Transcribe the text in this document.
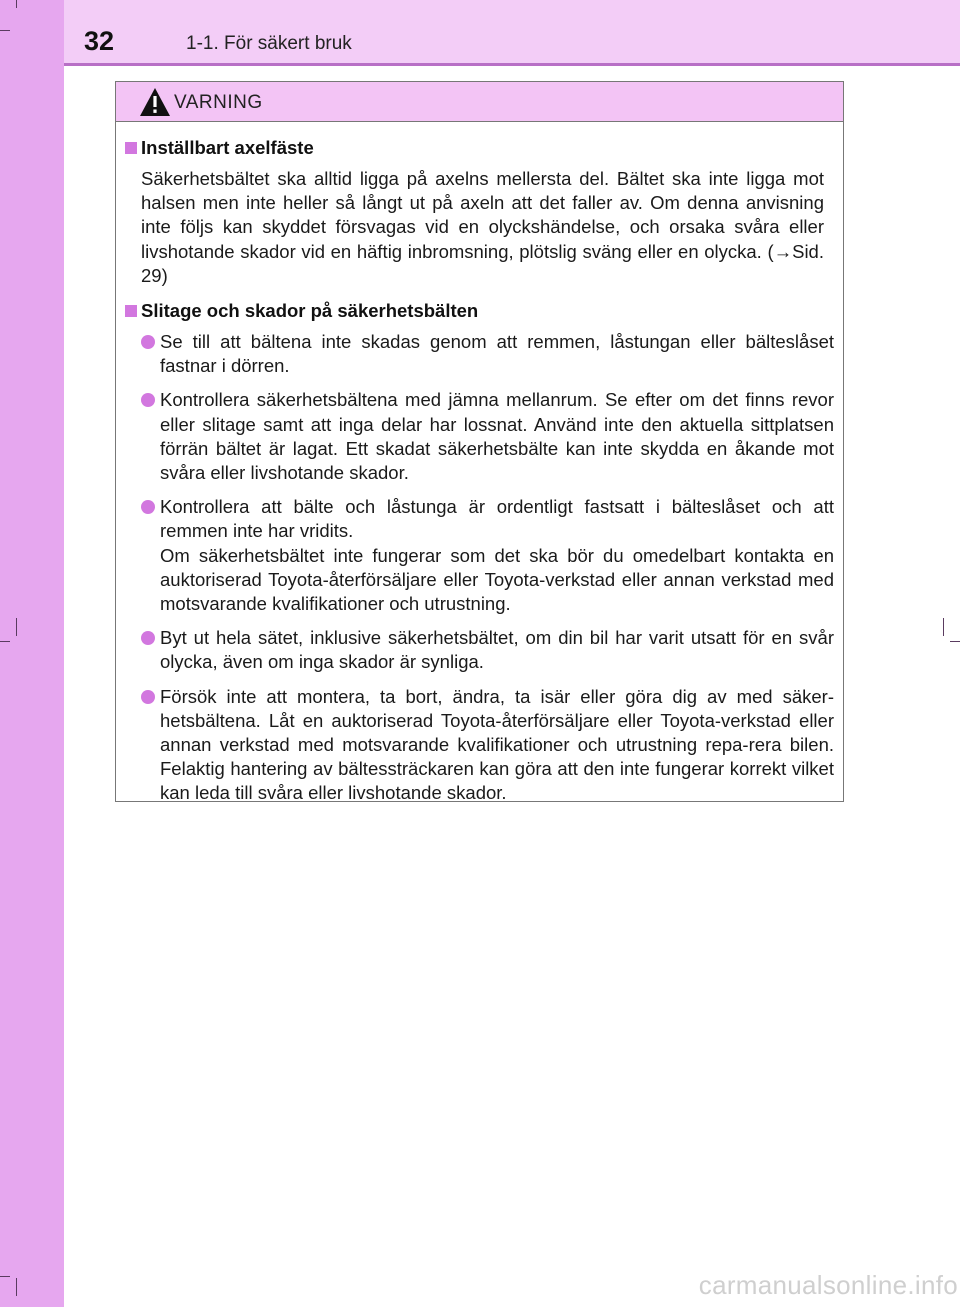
32	1-1. För säkert bruk
VARNING
Inställbart axelfäste
Säkerhetsbältet ska alltid ligga på axelns mellersta del. Bältet ska inte ligga mot halsen men inte heller så långt ut på axeln att det faller av. Om denna anvisning inte följs kan skyddet försvagas vid en olyckshändelse, och orsaka svåra eller livshotande skador vid en häftig inbromsning, plötslig sväng eller en olycka. (→Sid. 29)
Slitage och skador på säkerhetsbälten
Se till att bältena inte skadas genom att remmen, låstungan eller bälteslåset fastnar i dörren.
Kontrollera säkerhetsbältena med jämna mellanrum. Se efter om det finns revor eller slitage samt att inga delar har lossnat. Använd inte den aktuella sittplatsen förrän bältet är lagat. Ett skadat säkerhetsbälte kan inte skydda en åkande mot svåra eller livshotande skador.
Kontrollera att bälte och låstunga är ordentligt fastsatt i bälteslåset och att remmen inte har vridits.
Om säkerhetsbältet inte fungerar som det ska bör du omedelbart kontakta en auktoriserad Toyota-återförsäljare eller Toyota-verkstad eller annan verkstad med motsvarande kvalifikationer och utrustning.
Byt ut hela sätet, inklusive säkerhetsbältet, om din bil har varit utsatt för en svår olycka, även om inga skador är synliga.
Försök inte att montera, ta bort, ändra, ta isär eller göra dig av med säker-hetsbältena. Låt en auktoriserad Toyota-återförsäljare eller Toyota-verkstad eller annan verkstad med motsvarande kvalifikationer och utrustning repa-rera bilen. Felaktig hantering av bältessträckaren kan göra att den inte fungerar korrekt vilket kan leda till svåra eller livshotande skador.
carmanualsonline.info
